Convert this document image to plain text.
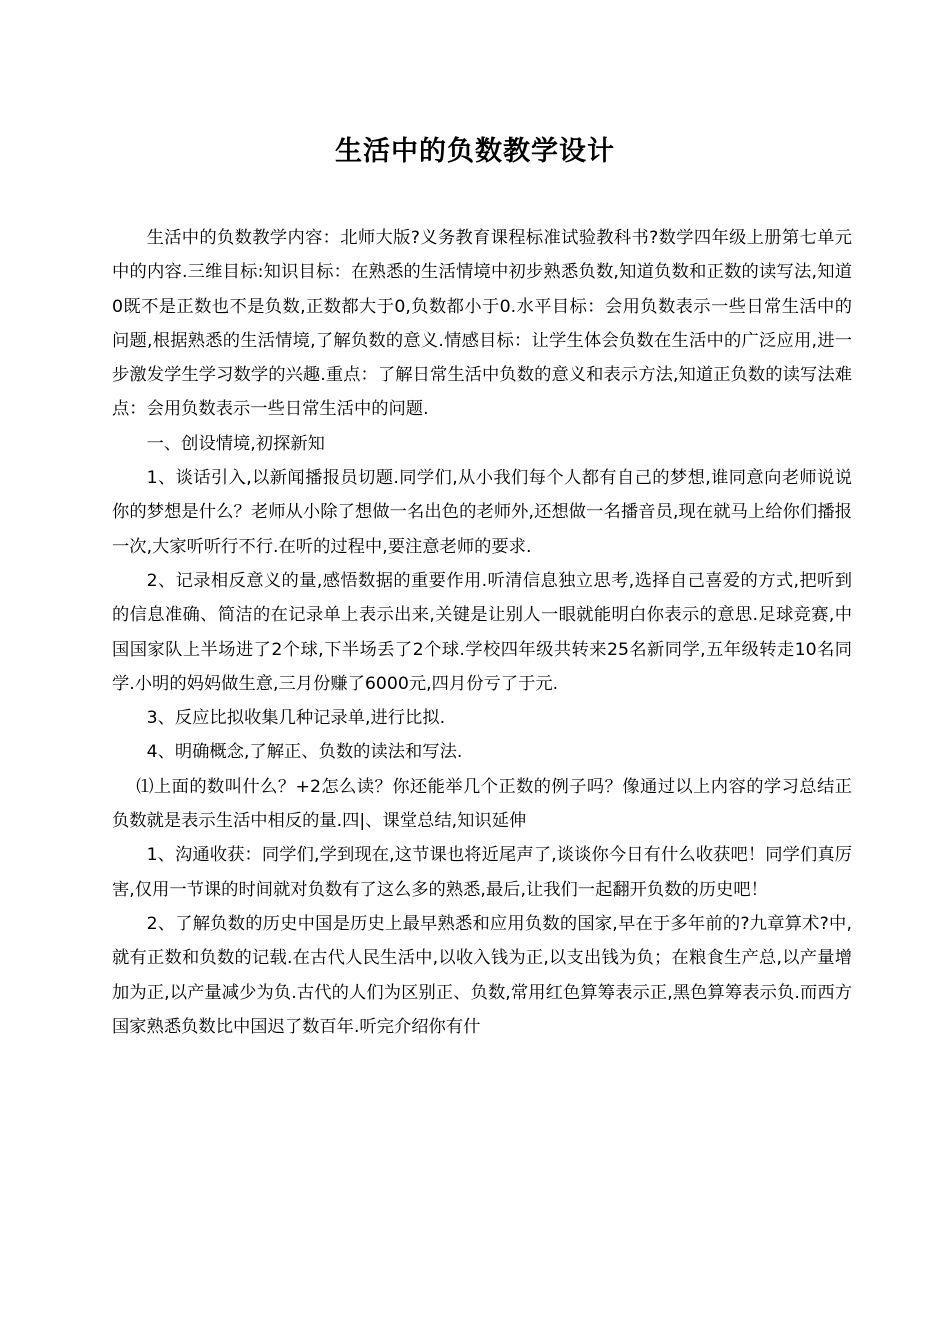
生活中的负数教学设计

生活中的负数教学内容：北师大版?义务教育课程标准试验教科书?数学四年级上册第七单元中的内容.三维目标:知识目标：在熟悉的生活情境中初步熟悉负数,知道负数和正数的读写法,知道0既不是正数也不是负数,正数都大于0,负数都小于0.水平目标：会用负数表示一些日常生活中的问题,根据熟悉的生活情境,了解负数的意义.情感目标：让学生体会负数在生活中的广泛应用,进一步激发学生学习数学的兴趣.重点：了解日常生活中负数的意义和表示方法,知道正负数的读写法难点：会用负数表示一些日常生活中的问题.

一、创设情境,初探新知

1、谈话引入,以新闻播报员切题.同学们,从小我们每个人都有自己的梦想,谁同意向老师说说你的梦想是什么？老师从小除了想做一名出色的老师外,还想做一名播音员,现在就马上给你们播报一次,大家听听行不行.在听的过程中,要注意老师的要求.

2、记录相反意义的量,感悟数据的重要作用.听清信息独立思考,选择自己喜爱的方式,把听到的信息准确、简洁的在记录单上表示出来,关键是让别人一眼就能明白你表示的意思.足球竞赛,中国国家队上半场进了2个球,下半场丢了2个球.学校四年级共转来25名新同学,五年级转走10名同学.小明的妈妈做生意,三月份赚了6000元,四月份亏了于元.

3、反应比拟收集几种记录单,进行比拟.

4、明确概念,了解正、负数的读法和写法.

⑴上面的数叫什么？+2怎么读？你还能举几个正数的例子吗？像通过以上内容的学习总结正负数就是表示生活中相反的量.四|、课堂总结,知识延伸

1、沟通收获：同学们,学到现在,这节课也将近尾声了,谈谈你今日有什么收获吧！同学们真厉害,仅用一节课的时间就对负数有了这么多的熟悉,最后,让我们一起翻开负数的历史吧！

2、了解负数的历史中国是历史上最早熟悉和应用负数的国家,早在于多年前的?九章算术?中,就有正数和负数的记载.在古代人民生活中,以收入钱为正,以支出钱为负；在粮食生产总,以产量增加为正,以产量减少为负.古代的人们为区别正、负数,常用红色算筹表示正,黑色算筹表示负.而西方国家熟悉负数比中国迟了数百年.听完介绍你有什
